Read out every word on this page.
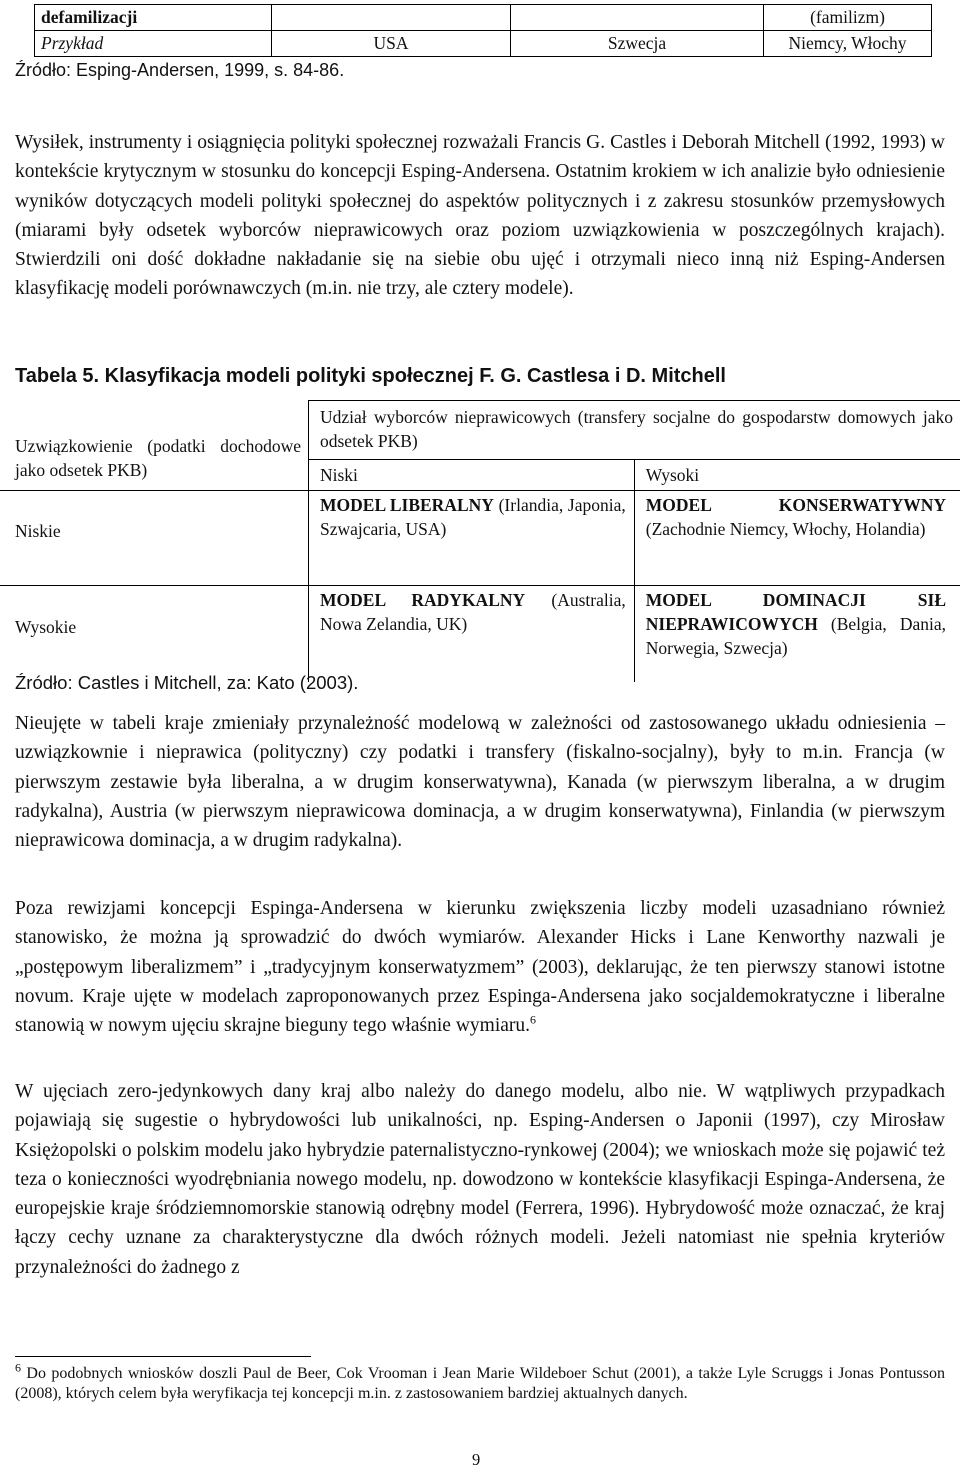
defamilizacji			(familizm)
Przykład	USA	Szwecja	Niemcy, Włochy
Źródło: Esping-Andersen, 1999, s. 84-86.
Wysiłek, instrumenty i osiągnięcia polityki społecznej rozważali Francis G. Castles i Deborah Mitchell (1992, 1993) w kontekście krytycznym w stosunku do koncepcji Esping-Andersena. Ostatnim krokiem w ich analizie było odniesienie wyników dotyczących modeli polityki społecznej do aspektów politycznych i z zakresu stosunków przemysłowych (miarami były odsetek wyborców nieprawicowych oraz poziom uzwiązkowienia w poszczególnych krajach). Stwierdzili oni dość dokładne nakładanie się na siebie obu ujęć i otrzymali nieco inną niż Esping-Andersen klasyfikację modeli porównawczych (m.in. nie trzy, ale cztery modele).
Tabela 5. Klasyfikacja modeli polityki społecznej F. G. Castlesa i D. Mitchell
Uzwiązkowienie (podatki dochodowe jako odsetek PKB)	Udział wyborców nieprawicowych (transfery socjalne do gospodarstw domowych jako odsetek PKB)	
	Niski	Wysoki
Niskie	MODEL LIBERALNY (Irlandia, Japonia, Szwajcaria, USA)	MODEL KONSERWATYWNY (Zachodnie Niemcy, Włochy, Holandia)
Wysokie	MODEL RADYKALNY (Australia, Nowa Zelandia, UK)	MODEL DOMINACJI SIŁ NIEPRAWICOWYCH (Belgia, Dania, Norwegia, Szwecja)
Źródło: Castles i Mitchell, za: Kato (2003).
Nieujęte w tabeli kraje zmieniały przynależność modelową w zależności od zastosowanego układu odniesienia – uzwiązkownie i nieprawica (polityczny) czy podatki i transfery (fiskalno-socjalny), były to m.in. Francja (w pierwszym zestawie była liberalna, a w drugim konserwatywna), Kanada (w pierwszym liberalna, a w drugim radykalna), Austria (w pierwszym nieprawicowa dominacja, a w drugim konserwatywna), Finlandia (w pierwszym nieprawicowa dominacja, a w drugim radykalna).
Poza rewizjami koncepcji Espinga-Andersena w kierunku zwiększenia liczby modeli uzasadniano również stanowisko, że można ją sprowadzić do dwóch wymiarów. Alexander Hicks i Lane Kenworthy nazwali je „postępowym liberalizmem” i „tradycyjnym konserwatyzmem” (2003), deklarując, że ten pierwszy stanowi istotne novum. Kraje ujęte w modelach zaproponowanych przez Espinga-Andersena jako socjaldemokratyczne i liberalne stanowią w nowym ujęciu skrajne bieguny tego właśnie wymiaru.$^6$
W ujęciach zero-jedynkowych dany kraj albo należy do danego modelu, albo nie. W wątpliwych przypadkach pojawiają się sugestie o hybrydowości lub unikalności, np. Esping-Andersen o Japonii (1997), czy Mirosław Księżopolski o polskim modelu jako hybrydzie paternalistyczno-rynkowej (2004); we wnioskach może się pojawić też teza o konieczności wyodrębniania nowego modelu, np. dowodzono w kontekście klasyfikacji Espinga-Andersena, że europejskie kraje śródziemnomorskie stanowią odrębny model (Ferrera, 1996). Hybrydowość może oznaczać, że kraj łączy cechy uznane za charakterystyczne dla dwóch różnych modeli. Jeżeli natomiast nie spełnia kryteriów przynależności do żadnego z
$^6$ Do podobnych wniosków doszli Paul de Beer, Cok Vrooman i Jean Marie Wildeboer Schut (2001), a także Lyle Scruggs i Jonas Pontusson (2008), których celem była weryfikacja tej koncepcji m.in. z zastosowaniem bardziej aktualnych danych.
9
